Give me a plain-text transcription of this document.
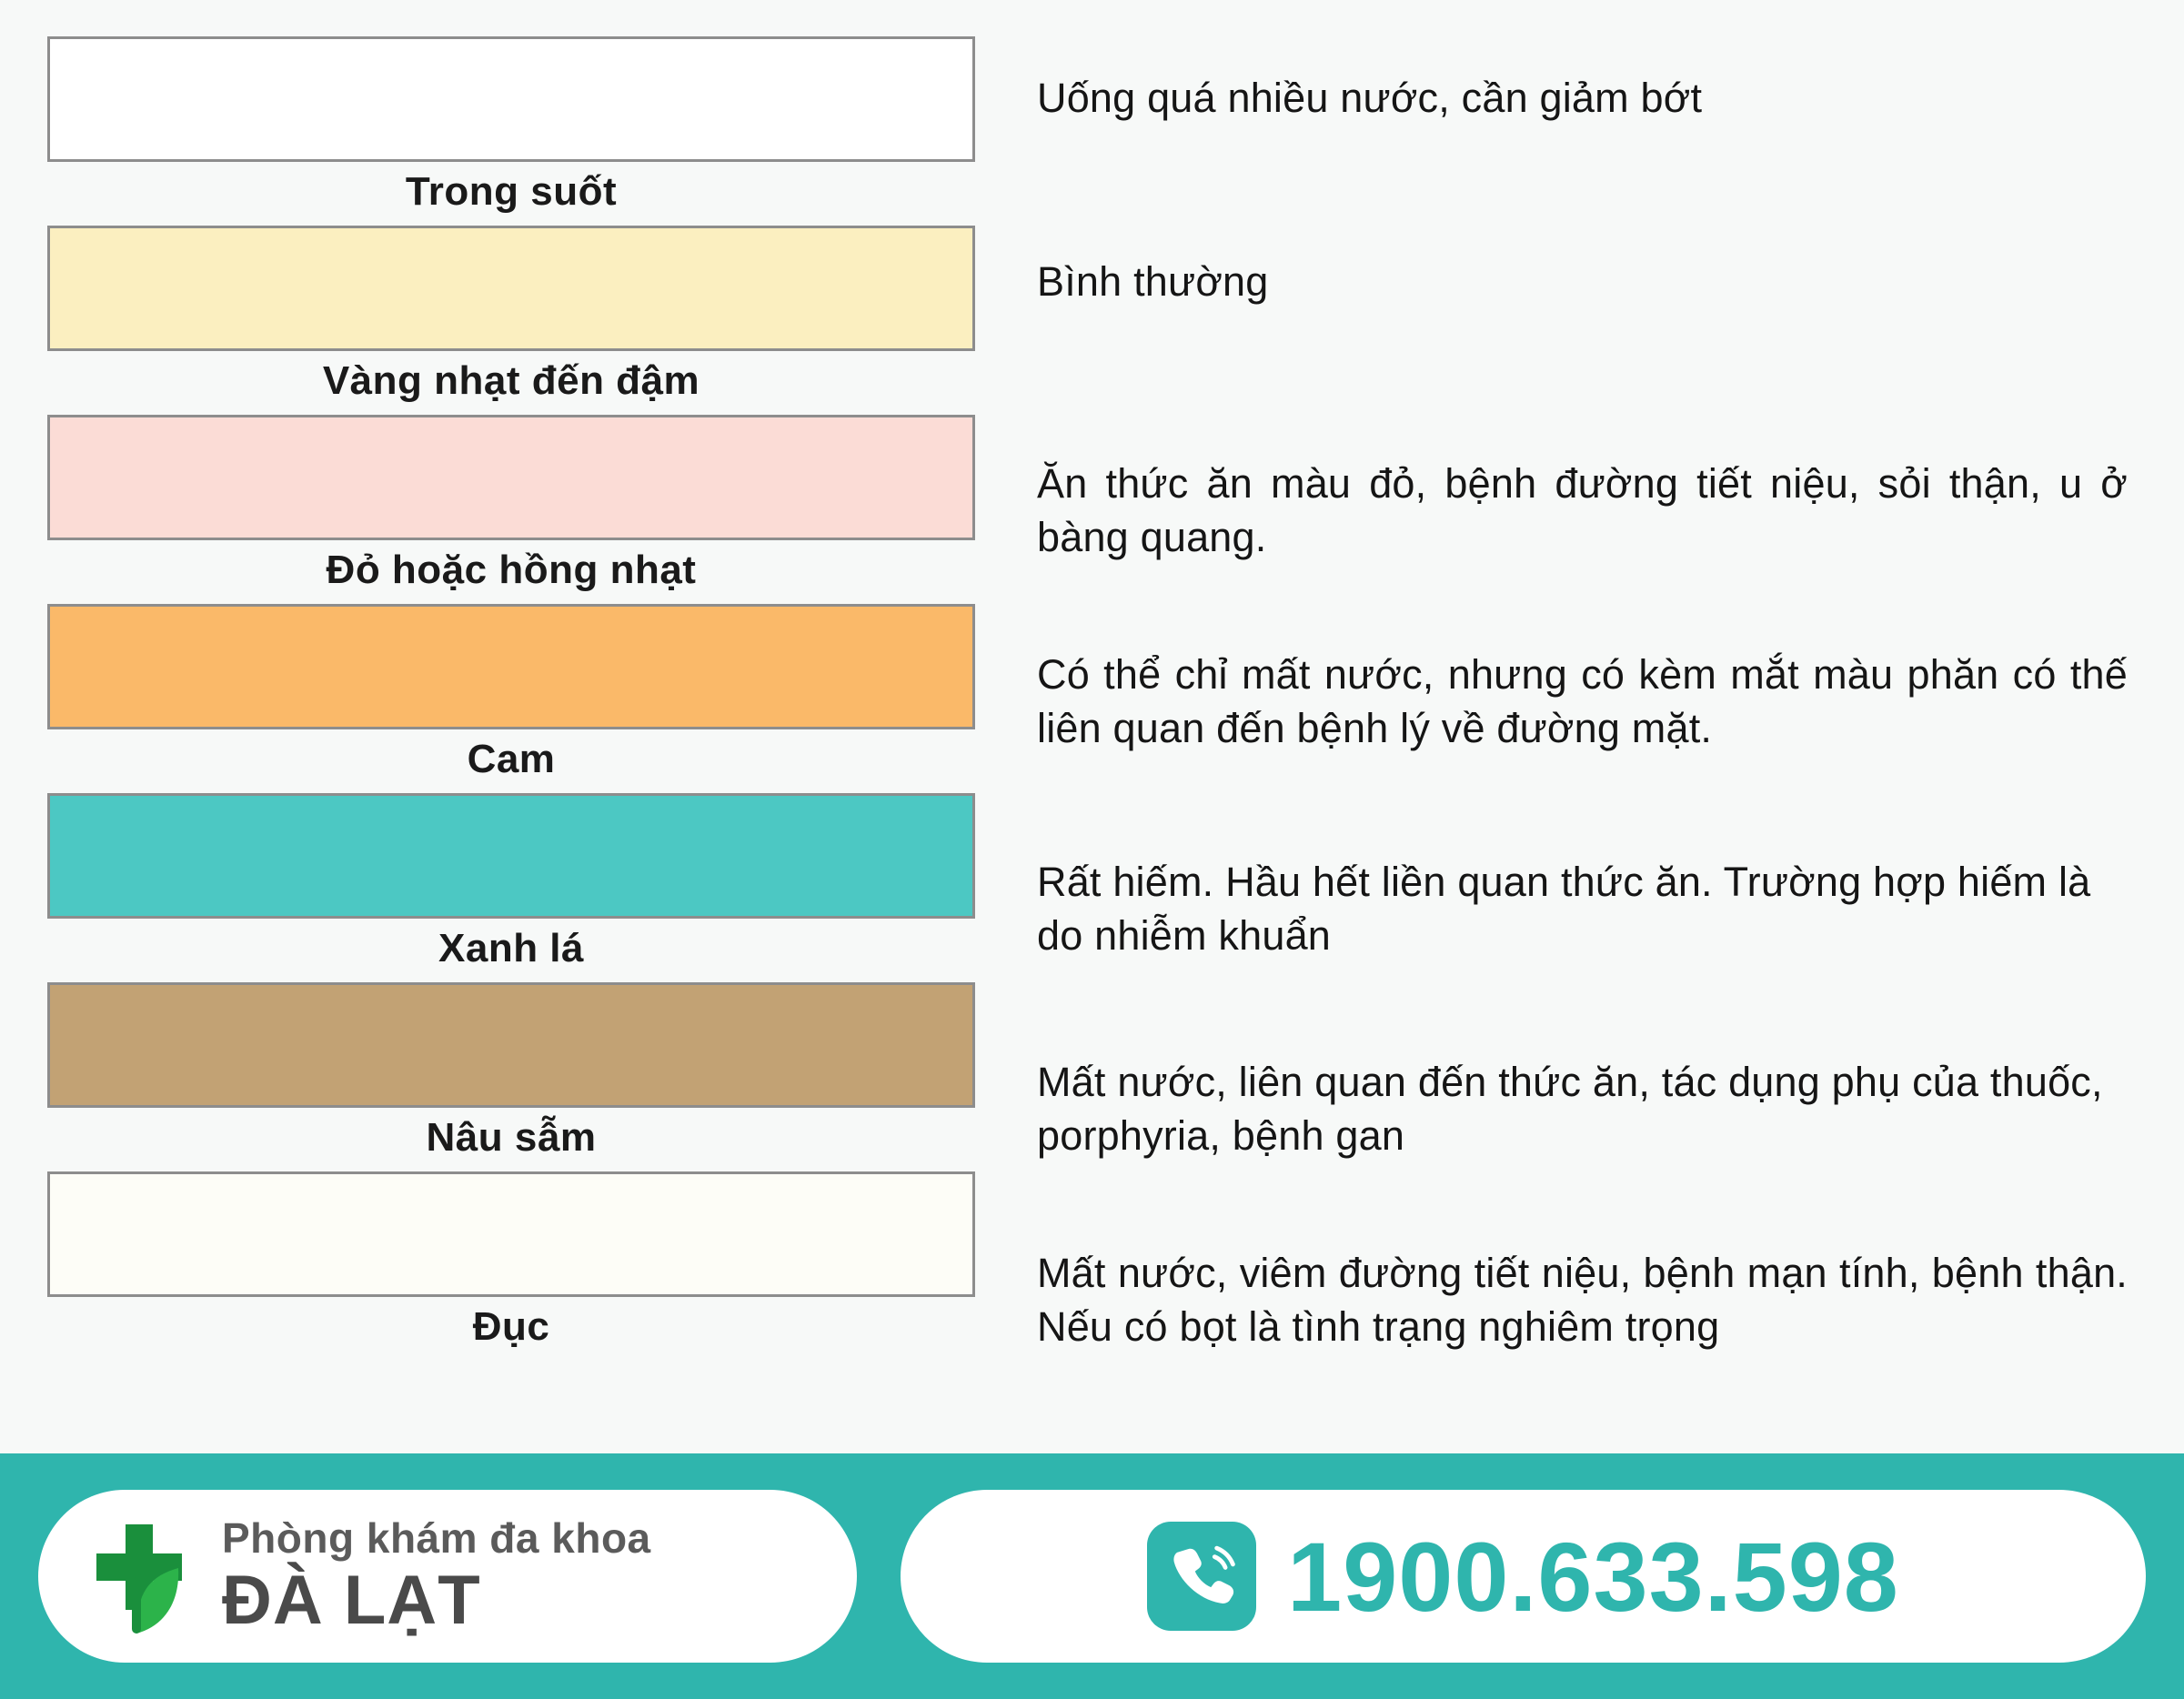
Trong suốt
Vàng nhạt đến đậm
Đỏ hoặc hồng nhạt
Cam
Xanh lá
Nâu sẫm
Đục
Uống quá nhiều nước, cần giảm bớt
Bình thường
Ăn thức ăn màu đỏ, bệnh đường tiết niệu, sỏi thận, u ở bàng quang.
Có thể chỉ mất nước, nhưng có kèm mắt màu phăn có thế liên quan đến bệnh lý về đường mặt.
Rất hiếm. Hầu hết liền quan thức ăn. Trường hợp hiếm là do nhiễm khuẩn
Mất nước, liên quan đến thức ăn, tác dụng phụ của thuốc, porphyria, bệnh gan
Mất nước, viêm đường tiết niệu, bệnh mạn tính, bệnh thận. Nếu có bọt là tình trạng nghiêm trọng
Phòng khám đa khoa
ĐÀ LẠT	1900.633.598
